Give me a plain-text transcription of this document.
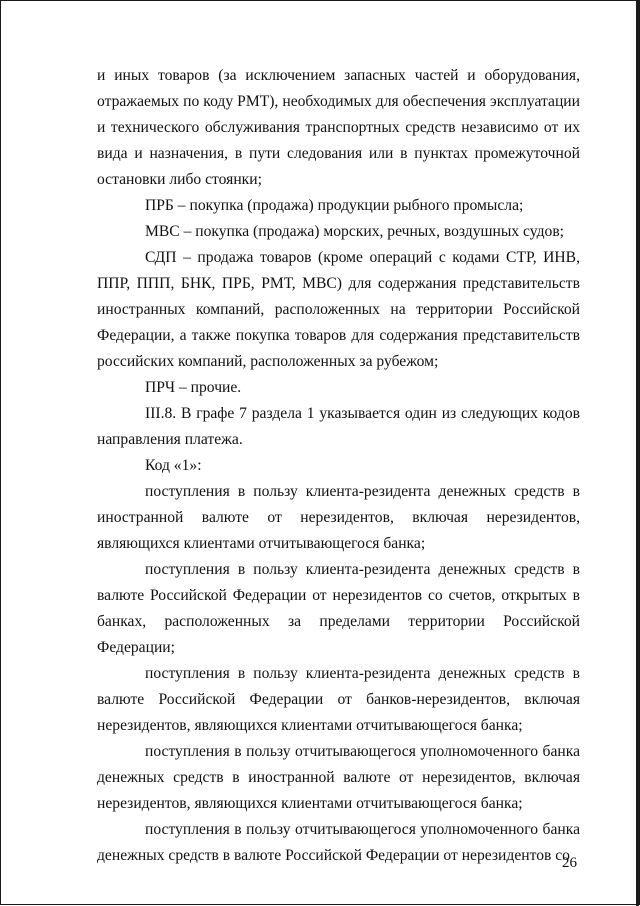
и иных товаров (за исключением запасных частей и оборудования, отражаемых по коду РМТ), необходимых для обеспечения эксплуатации и технического обслуживания транспортных средств независимо от их вида и назначения, в пути следования или в пунктах промежуточной остановки либо стоянки;

ПРБ – покупка (продажа) продукции рыбного промысла;

МВС – покупка (продажа) морских, речных, воздушных судов;

СДП – продажа товаров (кроме операций с кодами СТР, ИНВ, ППР, ППП, БНК, ПРБ, РМТ, МВС) для содержания представительств иностранных компаний, расположенных на территории Российской Федерации, а также покупка товаров для содержания представительств российских компаний, расположенных за рубежом;

ПРЧ – прочие.

III.8. В графе 7 раздела 1 указывается один из следующих кодов направления платежа.

Код «1»:

поступления в пользу клиента-резидента денежных средств в иностранной валюте от нерезидентов, включая нерезидентов, являющихся клиентами отчитывающегося банка;

поступления в пользу клиента-резидента денежных средств в валюте Российской Федерации от нерезидентов со счетов, открытых в банках, расположенных за пределами территории Российской Федерации;

поступления в пользу клиента-резидента денежных средств в валюте Российской Федерации от банков-нерезидентов, включая нерезидентов, являющихся клиентами отчитывающегося банка;

поступления в пользу отчитывающегося уполномоченного банка денежных средств в иностранной валюте от нерезидентов, включая нерезидентов, являющихся клиентами отчитывающегося банка;

поступления в пользу отчитывающегося уполномоченного банка денежных средств в валюте Российской Федерации от нерезидентов со

26
